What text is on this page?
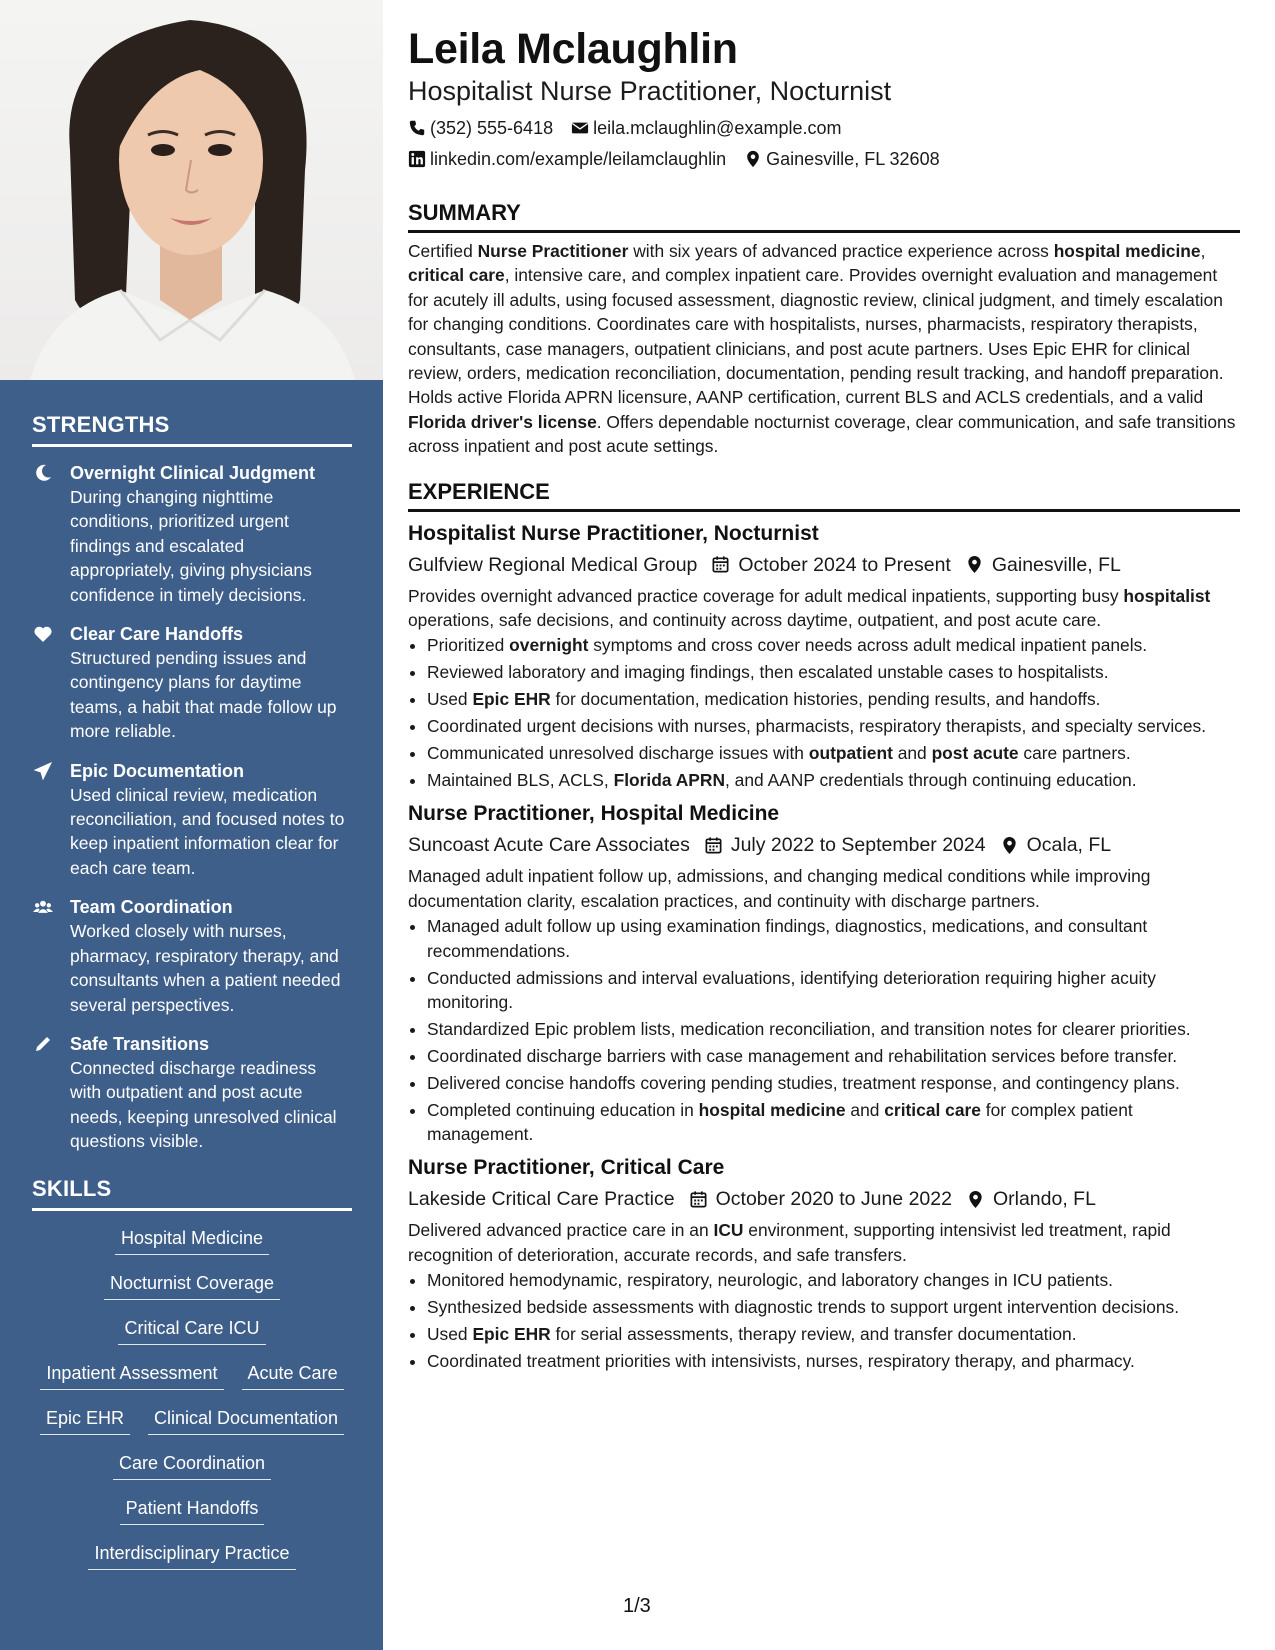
STRENGTHS
Overnight Clinical Judgment
During changing nighttime conditions, prioritized urgent findings and escalated appropriately, giving physicians confidence in timely decisions.
Clear Care Handoffs
Structured pending issues and contingency plans for daytime teams, a habit that made follow up more reliable.
Epic Documentation
Used clinical review, medication reconciliation, and focused notes to keep inpatient information clear for each care team.
Team Coordination
Worked closely with nurses, pharmacy, respiratory therapy, and consultants when a patient needed several perspectives.
Safe Transitions
Connected discharge readiness with outpatient and post acute needs, keeping unresolved clinical questions visible.
SKILLS
Hospital Medicine
Nocturnist Coverage
Critical Care ICU
Inpatient Assessment	Acute Care
Epic EHR	Clinical Documentation
Care Coordination
Patient Handoffs
Interdisciplinary Practice
Leila Mclaughlin
Hospitalist Nurse Practitioner, Nocturnist
(352) 555-6418 leila.mclaughlin@example.com
linkedin.com/example/leilamclaughlin Gainesville, FL 32608
SUMMARY
Certified Nurse Practitioner with six years of advanced practice experience across hospital medicine, critical care, intensive care, and complex inpatient care. Provides overnight evaluation and management for acutely ill adults, using focused assessment, diagnostic review, clinical judgment, and timely escalation for changing conditions. Coordinates care with hospitalists, nurses, pharmacists, respiratory therapists, consultants, case managers, outpatient clinicians, and post acute partners. Uses Epic EHR for clinical review, orders, medication reconciliation, documentation, pending result tracking, and handoff preparation. Holds active Florida APRN licensure, AANP certification, current BLS and ACLS credentials, and a valid Florida driver's license. Offers dependable nocturnist coverage, clear communication, and safe transitions across inpatient and post acute settings.
EXPERIENCE
Hospitalist Nurse Practitioner, Nocturnist
Gulfview Regional Medical Group October 2024 to Present Gainesville, FL
Provides overnight advanced practice coverage for adult medical inpatients, supporting busy hospitalist operations, safe decisions, and continuity across daytime, outpatient, and post acute care.
• Prioritized overnight symptoms and cross cover needs across adult medical inpatient panels.
• Reviewed laboratory and imaging findings, then escalated unstable cases to hospitalists.
• Used Epic EHR for documentation, medication histories, pending results, and handoffs.
• Coordinated urgent decisions with nurses, pharmacists, respiratory therapists, and specialty services.
• Communicated unresolved discharge issues with outpatient and post acute care partners.
• Maintained BLS, ACLS, Florida APRN, and AANP credentials through continuing education.
Nurse Practitioner, Hospital Medicine
Suncoast Acute Care Associates July 2022 to September 2024 Ocala, FL
Managed adult inpatient follow up, admissions, and changing medical conditions while improving documentation clarity, escalation practices, and continuity with discharge partners.
• Managed adult follow up using examination findings, diagnostics, medications, and consultant recommendations.
• Conducted admissions and interval evaluations, identifying deterioration requiring higher acuity monitoring.
• Standardized Epic problem lists, medication reconciliation, and transition notes for clearer priorities.
• Coordinated discharge barriers with case management and rehabilitation services before transfer.
• Delivered concise handoffs covering pending studies, treatment response, and contingency plans.
• Completed continuing education in hospital medicine and critical care for complex patient management.
Nurse Practitioner, Critical Care
Lakeside Critical Care Practice October 2020 to June 2022 Orlando, FL
Delivered advanced practice care in an ICU environment, supporting intensivist led treatment, rapid recognition of deterioration, accurate records, and safe transfers.
• Monitored hemodynamic, respiratory, neurologic, and laboratory changes in ICU patients.
• Synthesized bedside assessments with diagnostic trends to support urgent intervention decisions.
• Used Epic EHR for serial assessments, therapy review, and transfer documentation.
• Coordinated treatment priorities with intensivists, nurses, respiratory therapy, and pharmacy.
1/3
